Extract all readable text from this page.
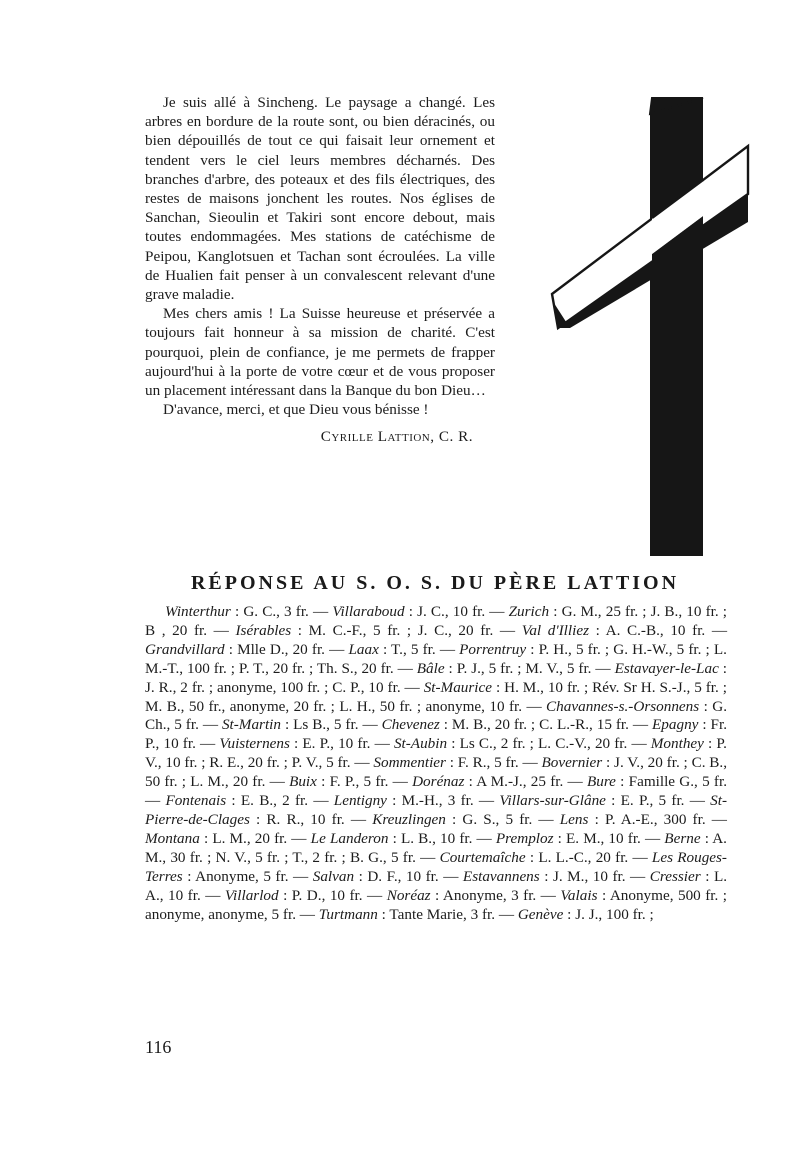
Je suis allé à Sincheng. Le paysage a changé. Les arbres en bordure de la route sont, ou bien déracinés, ou bien dépouillés de tout ce qui faisait leur ornement et tendent vers le ciel leurs membres décharnés. Des branches d'arbre, des poteaux et des fils électriques, des restes de maisons jonchent les routes. Nos églises de Sanchan, Sieoulin et Takiri sont encore debout, mais toutes endommagées. Mes stations de catéchisme de Peipou, Kanglotsuen et Tachan sont écroulées. La ville de Hualien fait penser à un convalescent relevant d'une grave maladie.

Mes chers amis ! La Suisse heureuse et préservée a toujours fait honneur à sa mission de charité. C'est pourquoi, plein de confiance, je me permets de frapper aujourd'hui à la porte de votre cœur et de vous proposer un placement intéressant dans la Banque du bon Dieu…

D'avance, merci, et que Dieu vous bénisse !

Cyrille Lattion, C. R.
RÉPONSE AU S. O. S. DU PÈRE LATTION

Winterthur : G. C., 3 fr. — Villaraboud : J. C., 10 fr. — Zurich : G. M., 25 fr. ; J. B., 10 fr. ; B , 20 fr. — Isérables : M. C.-F., 5 fr. ; J. C., 20 fr. — Val d'Illiez : A. C.-B., 10 fr. — Grandvillard : Mlle D., 20 fr. — Laax : T., 5 fr. — Porrentruy : P. H., 5 fr. ; G. H.-W., 5 fr. ; L. M.-T., 100 fr. ; P. T., 20 fr. ; Th. S., 20 fr. — Bâle : P. J., 5 fr. ; M. V., 5 fr. — Estavayer-le-Lac : J. R., 2 fr. ; anonyme, 100 fr. ; C. P., 10 fr. — St-Maurice : H. M., 10 fr. ; Rév. Sr H. S.-J., 5 fr. ; M. B., 50 fr., anonyme, 20 fr. ; L. H., 50 fr. ; anonyme, 10 fr. — Chavannes-s.-Orsonnens : G. Ch., 5 fr. — St-Martin : Ls B., 5 fr. — Chevenez : M. B., 20 fr. ; C. L.-R., 15 fr. — Epagny : Fr. P., 10 fr. — Vuisternens : E. P., 10 fr. — St-Aubin : Ls C., 2 fr. ; L. C.-V., 20 fr. — Monthey : P. V., 10 fr. ; R. E., 20 fr. ; P. V., 5 fr. — Sommentier : F. R., 5 fr. — Bovernier : J. V., 20 fr. ; C. B., 50 fr. ; L. M., 20 fr. — Buix : F. P., 5 fr. — Dorénaz : A M.-J., 25 fr. — Bure : Famille G., 5 fr. — Fontenais : E. B., 2 fr. — Lentigny : M.-H., 3 fr. — Villars-sur-Glâne : E. P., 5 fr. — St-Pierre-de-Clages : R. R., 10 fr. — Kreuzlingen : G. S., 5 fr. — Lens : P. A.-E., 300 fr. — Montana : L. M., 20 fr. — Le Landeron : L. B., 10 fr. — Premploz : E. M., 10 fr. — Berne : A. M., 30 fr. ; N. V., 5 fr. ; T., 2 fr. ; B. G., 5 fr. — Courtemaîche : L. L.-C., 20 fr. — Les Rouges-Terres : Anonyme, 5 fr. — Salvan : D. F., 10 fr. — Estavannens : J. M., 10 fr. — Cressier : L. A., 10 fr. — Villarlod : P. D., 10 fr. — Noréaz : Anonyme, 3 fr. — Valais : Anonyme, 500 fr. ; anonyme, anonyme, 5 fr. — Turtmann : Tante Marie, 3 fr. — Genève : J. J., 100 fr. ;

116
